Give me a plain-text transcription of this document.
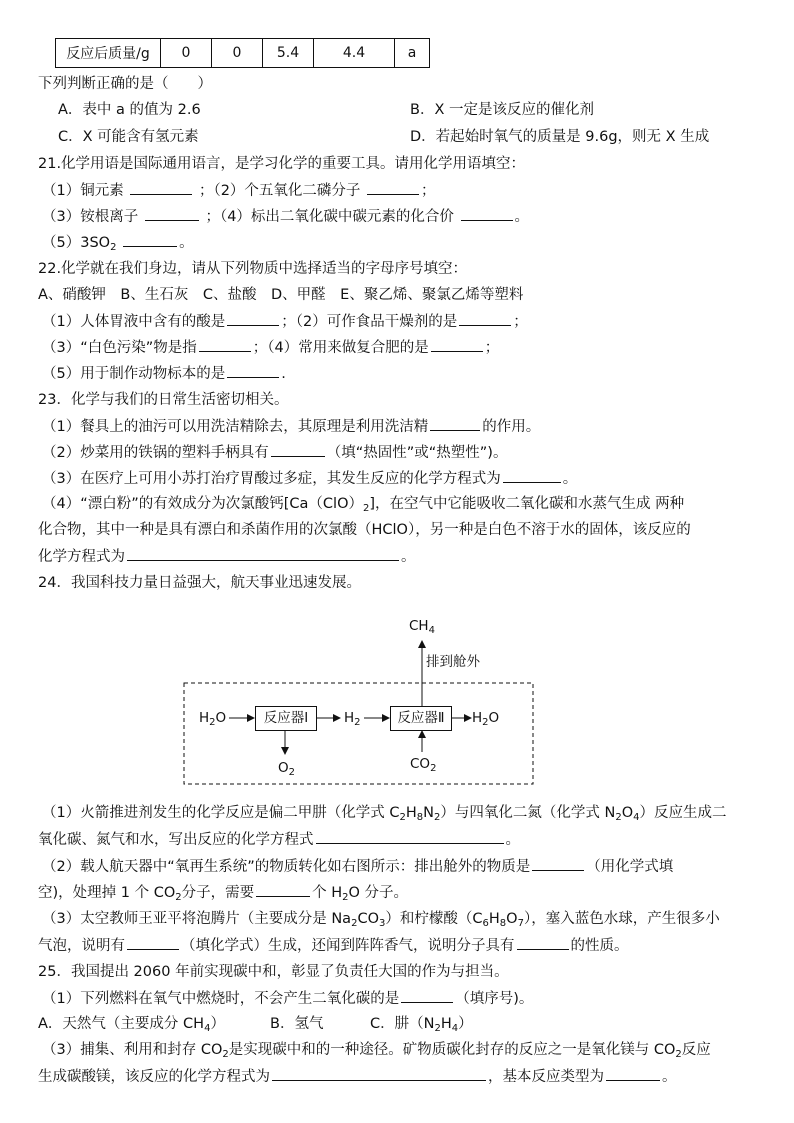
反应后质量/g	0	0	5.4	4.4	a
下列判断正确的是（　　）
A．表中 a 的值为 2.6	B．X 一定是该反应的催化剂
C．X 可能含有氢元素	D．若起始时氧气的质量是 9.6g，则无 X 生成
21.化学用语是国际通用语言，是学习化学的重要工具。请用化学用语填空：
（1）铜元素	；（2）个五氧化二磷分子	；
（3）铵根离子	；（4）标出二氧化碳中碳元素的化合价	。
$(5)3SO_2$	。
22.化学就在我们身边，请从下列物质中选择适当的字母序号填空：
A、硝酸钾　B、生石灰　C、盐酸　D、甲醛　E、聚乙烯、聚氯乙烯等塑料
（1）人体胃液中含有的酸是	；（2）可作食品干燥剂的是	；
（3）“白色污染”物是指	；（4）常用来做复合肥的是	；
（5）用于制作动物标本的是	.
23．化学与我们的日常生活密切相关。
（1）餐具上的油污可以用洗洁精除去，其原理是利用洗洁精	的作用。
（2）炒菜用的铁锅的塑料手柄具有	（填“热固性”或“热塑性”)。
（3）在医疗上可用小苏打治疗胃酸过多症，其发生反应的化学方程式为	。
（4）“漂白粉”的有效成分为次氯酸钙$[Ca(ClO)_2]$，在空气中它能吸收二氧化碳和水蒸气生成 两种
化合物，其中一种是具有漂白和杀菌作用的次氯酸（HClO），另一种是白色不溶于水的固体，该反应的
化学方程式为	。
24．我国科技力量日益强大，航天事业迅速发展。
$CH_4$
排到舱外
$H_2O$	反应器Ⅰ	$H_2$	反应器Ⅱ	$H_2O$
$O_2$
$CO_2$
（1）火箭推进剂发生的化学反应是偏二甲肼（化学式 $C_2H_8N_2$）与四氧化二氮（化学式 $N_2O_4$）反应生成二
氧化碳、氮气和水，写出反应的化学方程式	。
（2）载人航天器中“氧再生系统”的物质转化如右图所示：排出舱外的物质是	（用化学式填
空)，处理掉 1 个 $CO_2$分子，需要	个 $H_2O$ 分子。
（3）太空教师王亚平将泡腾片（主要成分是 $Na_2CO_3$）和柠檬酸$(C_6H_8O_7)$，塞入蓝色水球，产生很多小
气泡，说明有	（填化学式）生成，还闻到阵阵香气，说明分子具有	的性质。
25．我国提出 2060 年前实现碳中和，彰显了负责任大国的作为与担当。
（1）下列燃料在氧气中燃烧时，不会产生二氧化碳的是	（填序号)。
A．天然气（主要成分 $CH_4$）	B．氢气	C．肼$(N_2H_4)$
（3）捕集、利用和封存 $CO_2$是实现碳中和的一种途径。矿物质碳化封存的反应之一是氧化镁与 $CO_2$反应
生成碳酸镁，该反应的化学方程式为	，基本反应类型为	。
